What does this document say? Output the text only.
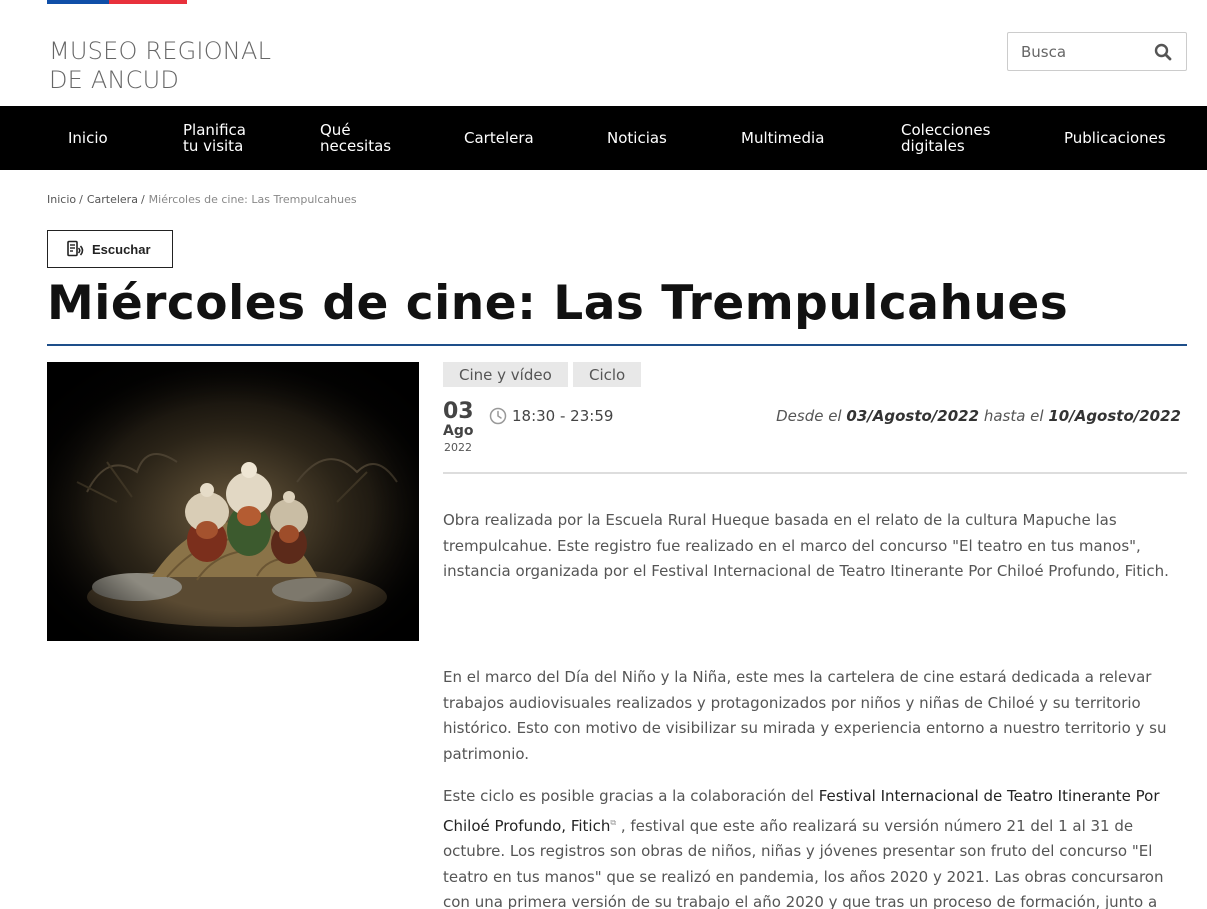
MUSEO REGIONAL
DE ANCUD
Busca
Inicio	Planifica tu visita
Qué necesitas	Cartelera	Noticias	Multimedia	Colecciones digitales	Publicaciones
Inicio / Cartelera / Miércoles de cine: Las Trempulcahues
Escuchar
Miércoles de cine: Las Trempulcahues
Cine y vídeo	Ciclo
03
Ago
2022
18:30 - 23:59	Desde el 03/Agosto/2022 hasta el 10/Agosto/2022

Obra realizada por la Escuela Rural Hueque basada en el relato de la cultura Mapuche las trempulcahue. Este registro fue realizado en el marco del concurso "El teatro en tus manos", instancia organizada por el Festival Internacional de Teatro Itinerante Por Chiloé Profundo, Fitich.

En el marco del Día del Niño y la Niña, este mes la cartelera de cine estará dedicada a relevar trabajos audiovisuales realizados y protagonizados por niños y niñas de Chiloé y su territorio histórico. Esto con motivo de visibilizar su mirada y experiencia entorno a nuestro territorio y su patrimonio.

Este ciclo es posible gracias a la colaboración del Festival Internacional de Teatro Itinerante Por Chiloé Profundo, Fitich⧉ , festival que este año realizará su versión número 21 del 1 al 31 de octubre. Los registros son obras de niños, niñas y jóvenes presentar son fruto del concurso "El teatro en tus manos" que se realizó en pandemia, los años 2020 y 2021. Las obras concursaron con una primera versión de su trabajo el año 2020 y que tras un proceso de formación, junto a
